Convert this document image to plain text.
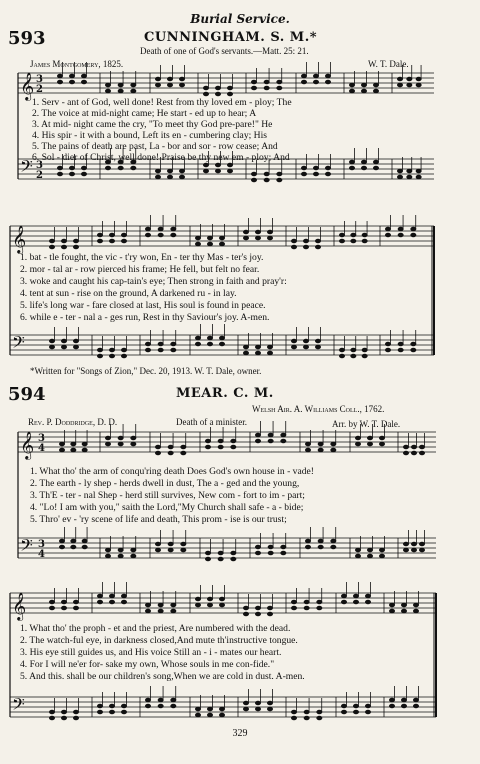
Burial Service.
593	CUNNINGHAM. S. M.*
Death of one of God's servants.—Matt. 25: 21.
James Montgomery, 1825.	W. T. Dale.
𝄞
𝄢
𝄞
𝄢
𝄞
𝄢
𝄞
𝄢
3
2
3
2
3
4
3
4
1. Serv - ant of God, well done! Rest from thy loved em - ploy; The
2. The voice at mid-night came; He start - ed up to hear; A
3. At mid- night came the cry, "To meet thy God pre-pare!" He
4. His spir - it with a bound, Left its en - cumbering clay; His
5. The pains of death are past, La - bor and sor - row cease; And
6. Sol - dier of Christ, well done! Praise be thy new em - ploy; And
1. bat - tle fought, the vic - t'ry won, En - ter thy Mas - ter's joy.
2. mor - tal ar - row pierced his frame; He fell, but felt no fear.
3. woke and caught his cap-tain's eye; Then strong in faith and pray'r:
4. tent at sun - rise on the ground, A darkened ru - in lay.
5. life's long war - fare closed at last, His soul is found in peace.
6. while e - ter - nal a - ges run, Rest in thy Saviour's joy. A-men.
*Written for "Songs of Zion," Dec. 20, 1913. W. T. Dale, owner.
594	MEAR. C. M.
Welsh Air. A. Williams Coll., 1762.
Rev. P. Doddridge, D. D.	Death of a minister.	Arr. by W. T. Dale.
1. What tho' the arm of conqu'ring death Does God's own house in - vade!
2. The earth - ly shep - herds dwell in dust, The a - ged and the young,
3. Th'E - ter - nal Shep - herd still survives, New com - fort to im - part;
4. "Lo! I am with you," saith the Lord,"My Church shall safe - a - bide;
5. Thro' ev - 'ry scene of life and death, This prom - ise is our trust;
1. What tho' the proph - et and the priest, Are numbered with the dead.
2. The watch-ful eye, in darkness closed,And mute th'instructive tongue.
3. His eye still guides us, and His voice Still an - i - mates our heart.
4. For I will ne'er for- sake my own, Whose souls in me con-fide."
5. And this. shall be our children's song,When we are cold in dust. A-men.
329
